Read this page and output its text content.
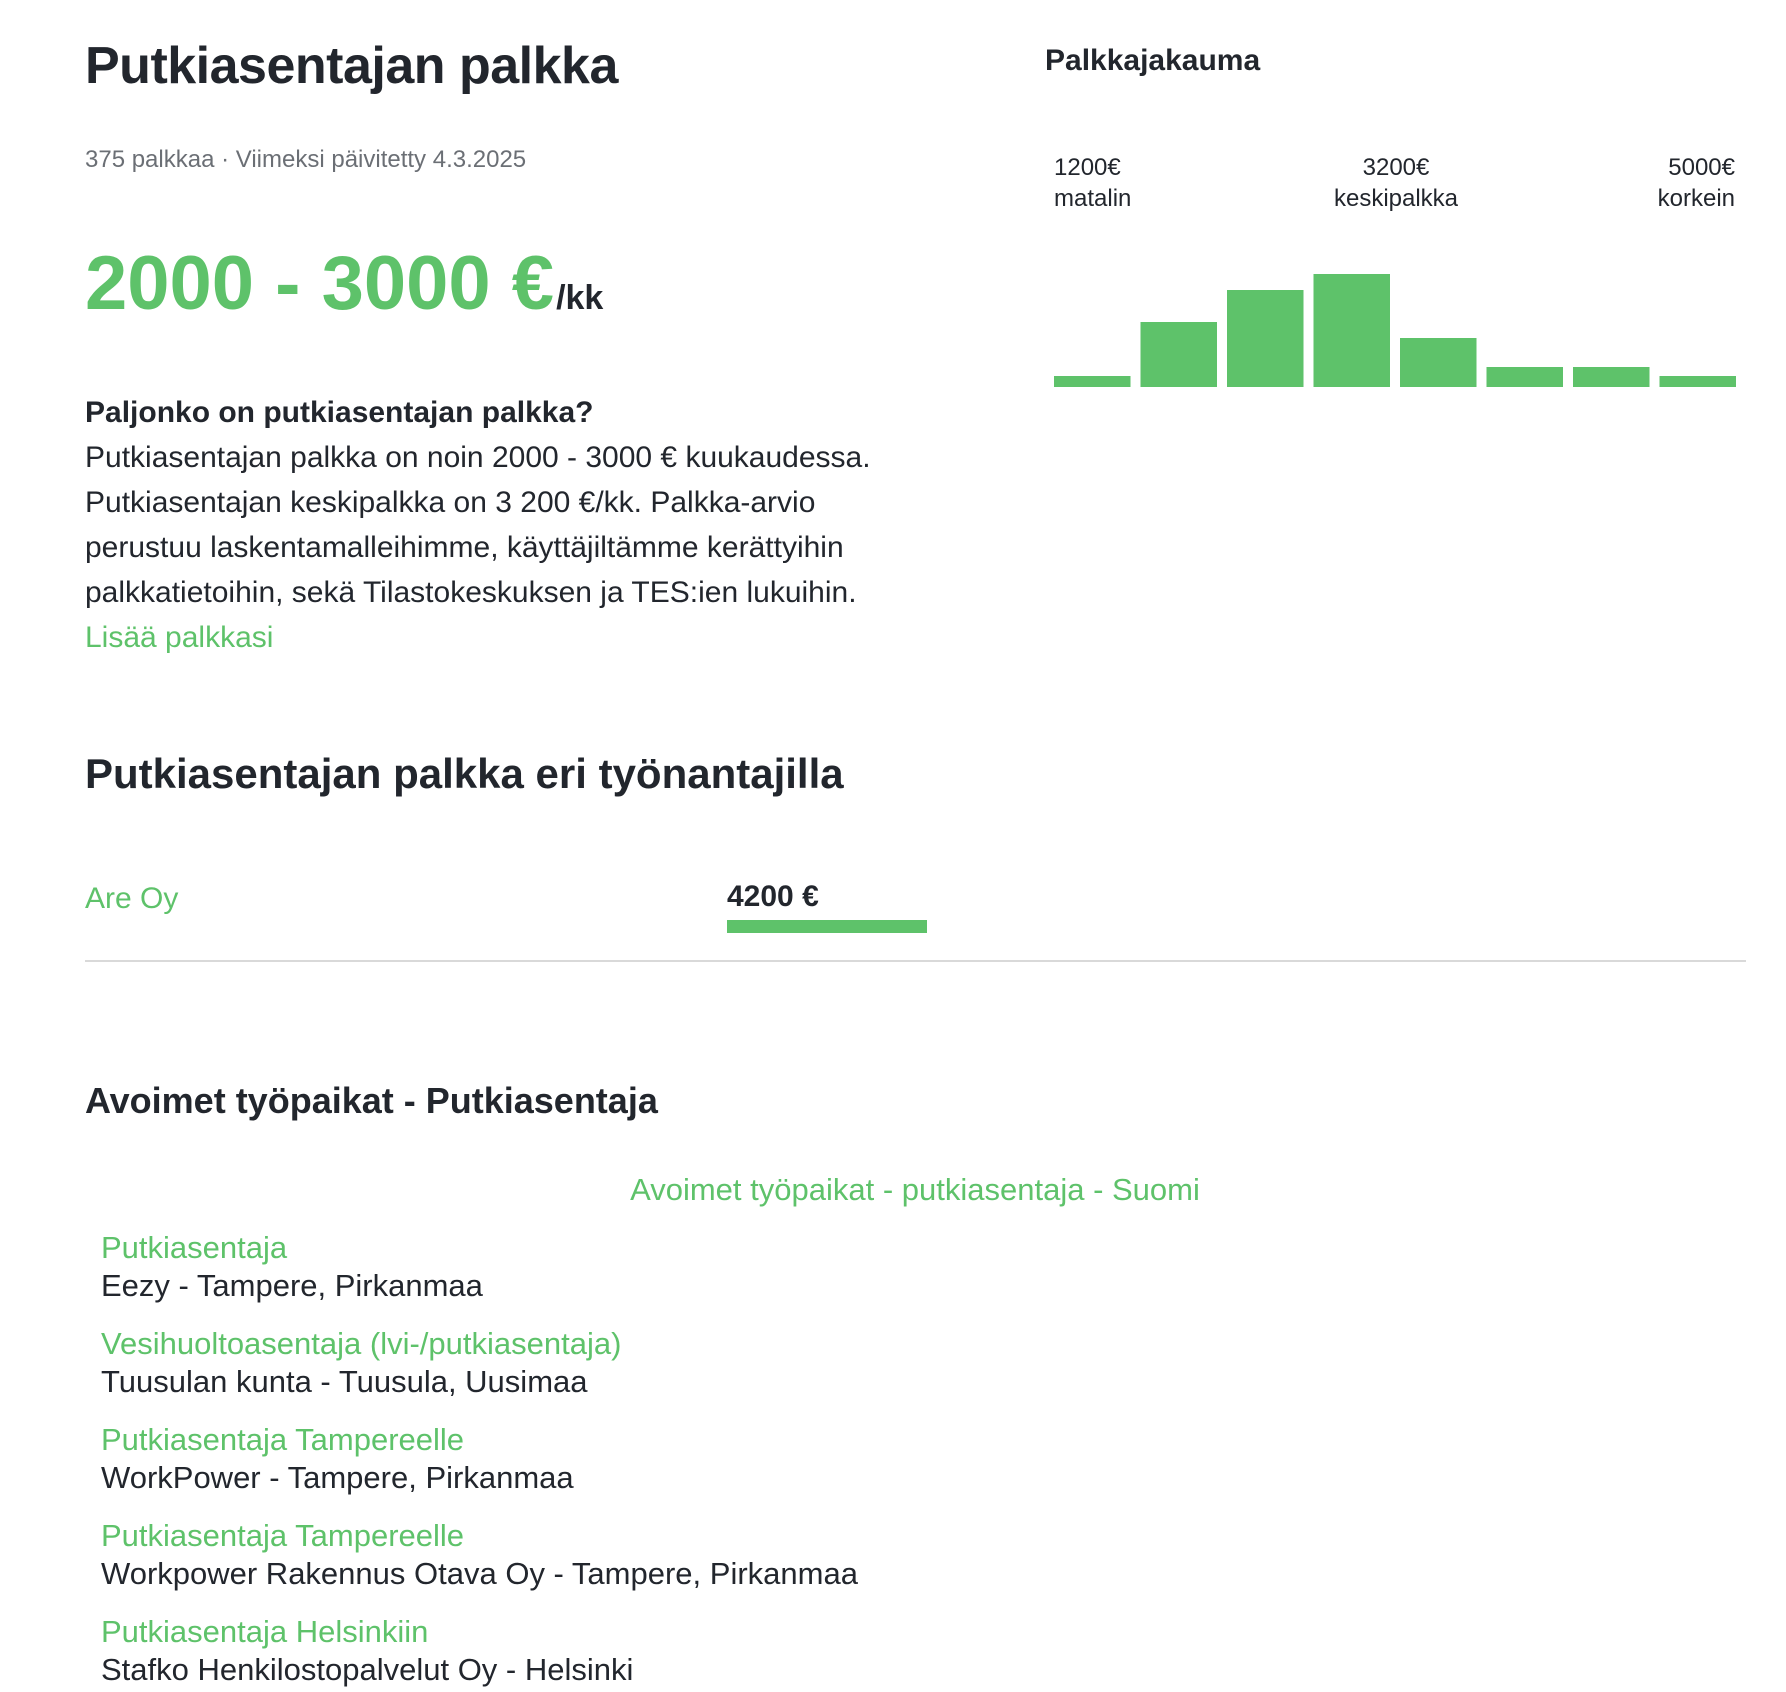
Putkiasentajan palkka
375 palkkaa · Viimeksi päivitetty 4.3.2025
2000 - 3000 €/kk
Paljonko on putkiasentajan palkka?
Putkiasentajan palkka on noin 2000 - 3000 € kuukaudessa. Putkiasentajan keskipalkka on 3 200 €/kk. Palkka-arvio perustuu laskentamalleihimme, käyttäjiltämme kerättyihin palkkatietoihin, sekä Tilastokeskuksen ja TES:ien lukuihin. Lisää palkkasi
Palkkajakauma
1200€
matalin
3200€
keskipalkka
5000€
korkein
Putkiasentajan palkka eri työnantajilla
Are Oy	4200 €
Avoimet työpaikat - Putkiasentaja
Avoimet työpaikat - putkiasentaja - Suomi
Putkiasentaja
Eezy - Tampere, Pirkanmaa
Vesihuoltoasentaja (lvi-/putkiasentaja)
Tuusulan kunta - Tuusula, Uusimaa
Putkiasentaja Tampereelle
WorkPower - Tampere, Pirkanmaa
Putkiasentaja Tampereelle
Workpower Rakennus Otava Oy - Tampere, Pirkanmaa
Putkiasentaja Helsinkiin
Stafko Henkilostopalvelut Oy - Helsinki
